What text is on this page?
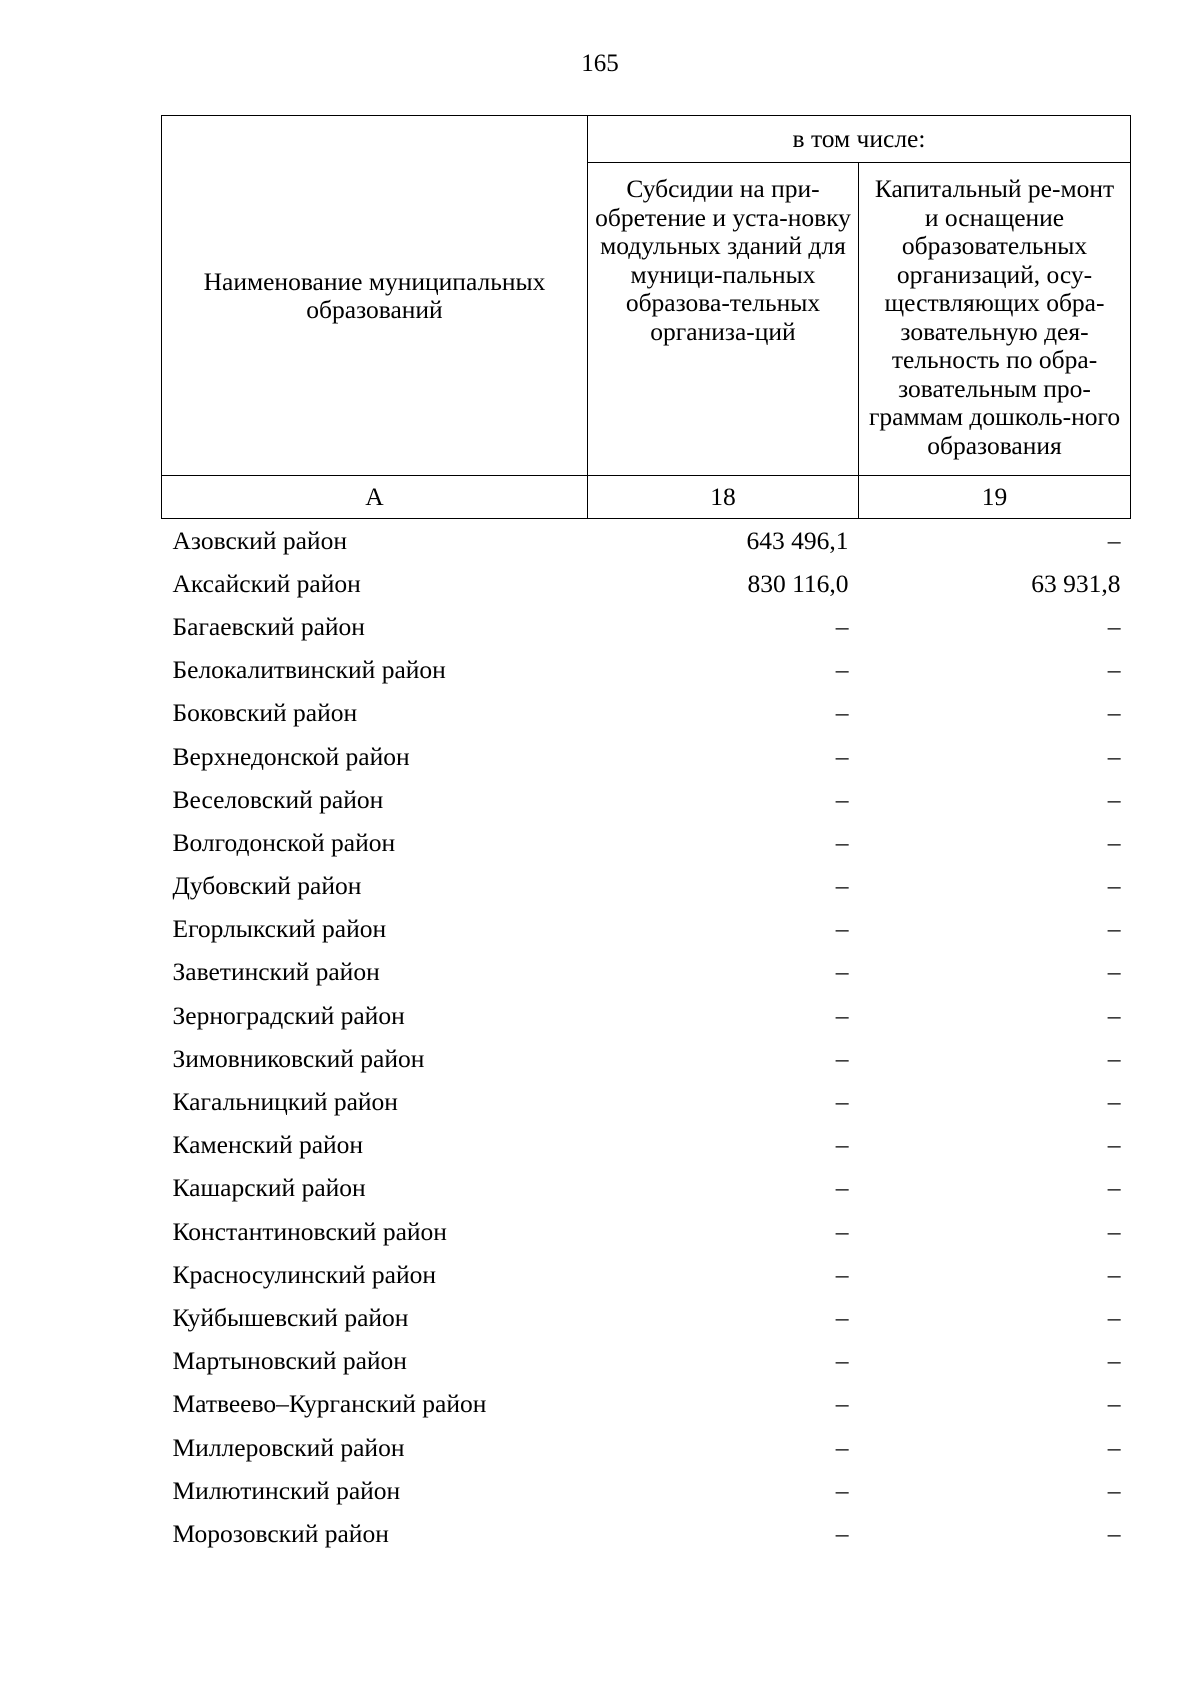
165
Наименование муниципальных образований	в том числе:	
	Субсидии на при-обретение и уста-новку модульных зданий для муници-пальных образова-тельных организа-ций	Капитальный ре-монт и оснащение образовательных организаций, осу-ществляющих обра-зовательную дея-тельность по обра-зовательным про-граммам дошколь-ного образования
А	18	19
Азовский район	643 496,1	–
Аксайский район	830 116,0	63 931,8
Багаевский район	–	–
Белокалитвинский район	–	–
Боковский район	–	–
Верхнедонской район	–	–
Веселовский район	–	–
Волгодонской район	–	–
Дубовский район	–	–
Егорлыкский район	–	–
Заветинский район	–	–
Зерноградский район	–	–
Зимовниковский район	–	–
Кагальницкий район	–	–
Каменский район	–	–
Кашарский район	–	–
Константиновский район	–	–
Красносулинский район	–	–
Куйбышевский район	–	–
Мартыновский район	–	–
Матвеево–Курганский район	–	–
Миллеровский район	–	–
Милютинский район	–	–
Морозовский район	–	–
